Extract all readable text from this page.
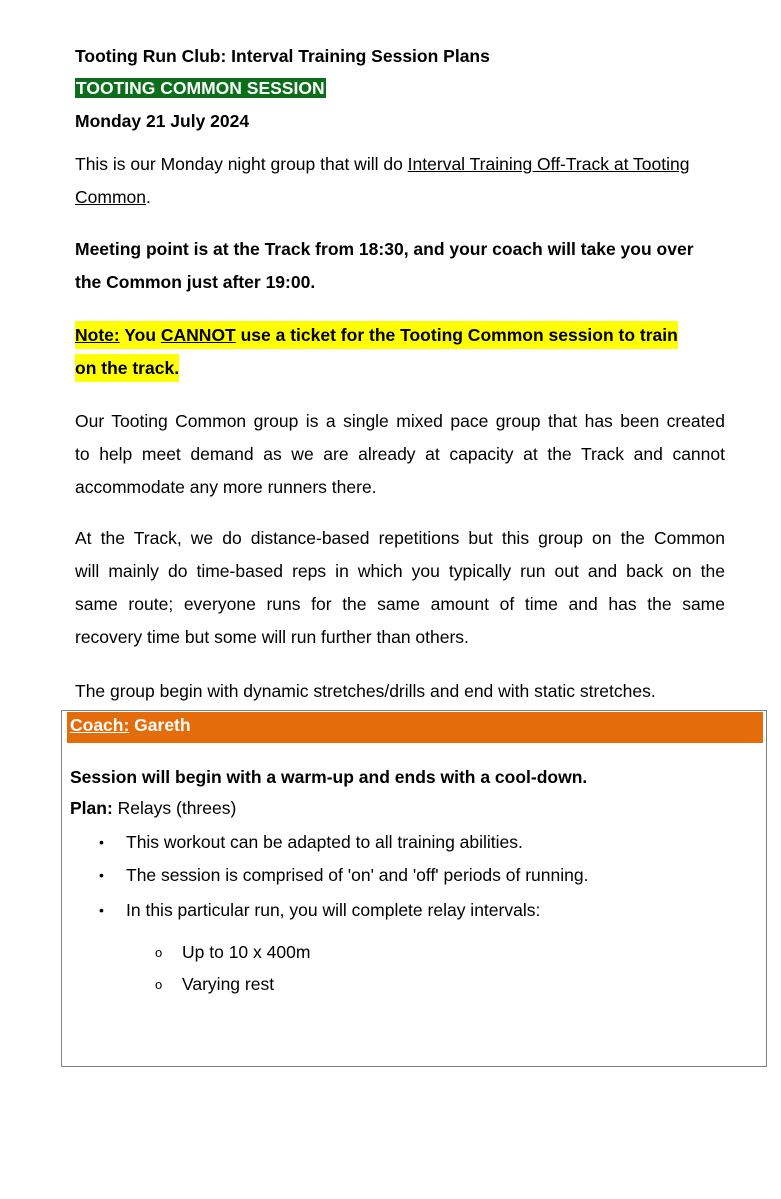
Tooting Run Club: Interval Training Session Plans
TOOTING COMMON SESSION
Monday 21 July 2024
This is our Monday night group that will do Interval Training Off-Track at Tooting
Common.
Meeting point is at the Track from 18:30, and your coach will take you over
the Common just after 19:00.
Note: You CANNOT use a ticket for the Tooting Common session to train
on the track.
Our Tooting Common group is a single mixed pace group that has been created
to help meet demand as we are already at capacity at the Track and cannot
accommodate any more runners there.
At the Track, we do distance-based repetitions but this group on the Common
will mainly do time-based reps in which you typically run out and back on the
same route; everyone runs for the same amount of time and has the same
recovery time but some will run further than others.
The group begin with dynamic stretches/drills and end with static stretches.
Coach: Gareth
Session will begin with a warm-up and ends with a cool-down.
Plan: Relays (threes)
• This workout can be adapted to all training abilities.
• The session is comprised of 'on' and 'off' periods of running.
• In this particular run, you will complete relay intervals:
o Up to 10 x 400m
o Varying rest
